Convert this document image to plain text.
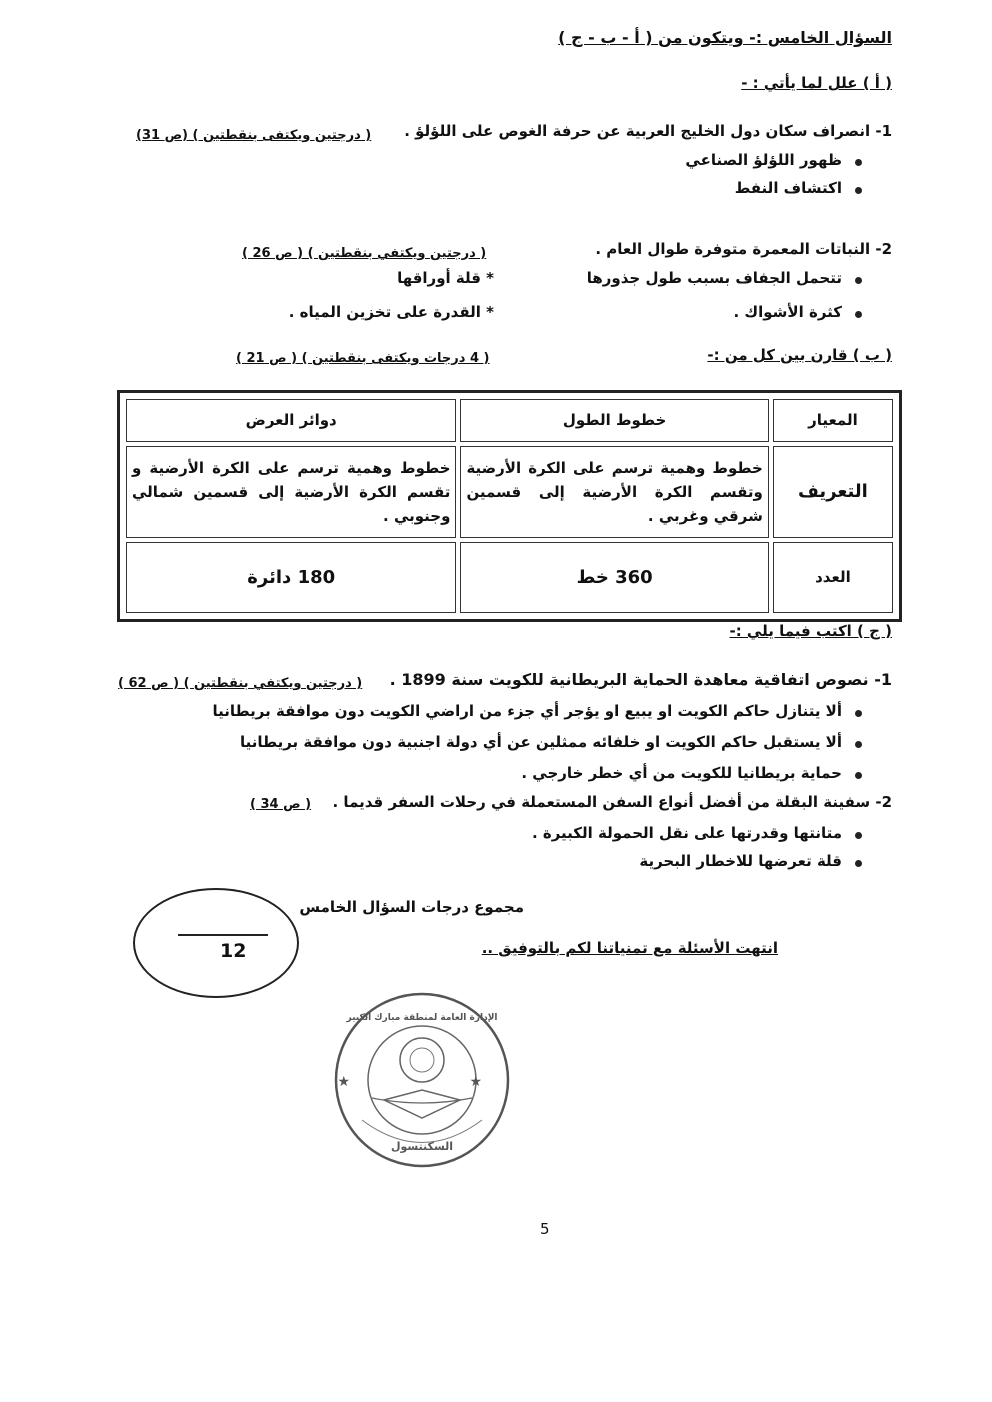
السؤال الخامس :- ويتكون من ( أ - ب - ج )
( أ ) علل لما يأتي : -
1- انصراف سكان دول الخليج العربية عن حرفة الغوص على اللؤلؤ .
( درجتين ويكتفى بنقطتين ) (ص 31)
ظهور اللؤلؤ الصناعي
اكتشاف النفط
2- النباتات المعمرة متوفرة طوال العام .
( درجتين ويكتفي بنقطتين ) ( ص 26 )
تتحمل الجفاف بسبب طول جذورها
كثرة الأشواك .
* قلة أوراقها
* القدرة على تخزين المياه .
( ب ) قارن بين كل من :-
( 4 درجات ويكتفى بنقطتين ) ( ص 21 )
المعيار	خطوط الطول	دوائر العرض
التعريف	خطوط وهمية ترسم على الكرة الأرضية وتقسم الكرة الأرضية إلى قسمين شرقي وغربي .	خطوط وهمية ترسم على الكرة الأرضية و تقسم الكرة الأرضية إلى قسمين شمالي وجنوبي .
العدد	360 خط	180 دائرة
( ج ) اكتب فيما يلي :-
1- نصوص اتفاقية معاهدة الحماية البريطانية للكويت سنة 1899 .
( درجتين ويكتفي بنقطتين ) ( ص 62 )
ألا يتنازل حاكم الكويت او يبيع او يؤجر أي جزء من اراضي الكويت دون موافقة بريطانيا
ألا يستقبل حاكم الكويت او خلفائه ممثلين عن أي دولة اجنبية دون موافقة بريطانيا
حماية بريطانيا للكويت من أي خطر خارجي .
2- سفينة البقلة من أفضل أنواع السفن المستعملة في رحلات السفر قديما .
( ص 34 )
متانتها وقدرتها على نقل الحمولة الكبيرة .
قلة تعرضها للاخطار البحرية
مجموع درجات السؤال الخامس
12	انتهت الأسئلة مع تمنياتنا لكم بالتوفيق ..
★	★
الإدارة العامة لمنطقة مبارك الكبير
السكنتسول
5
